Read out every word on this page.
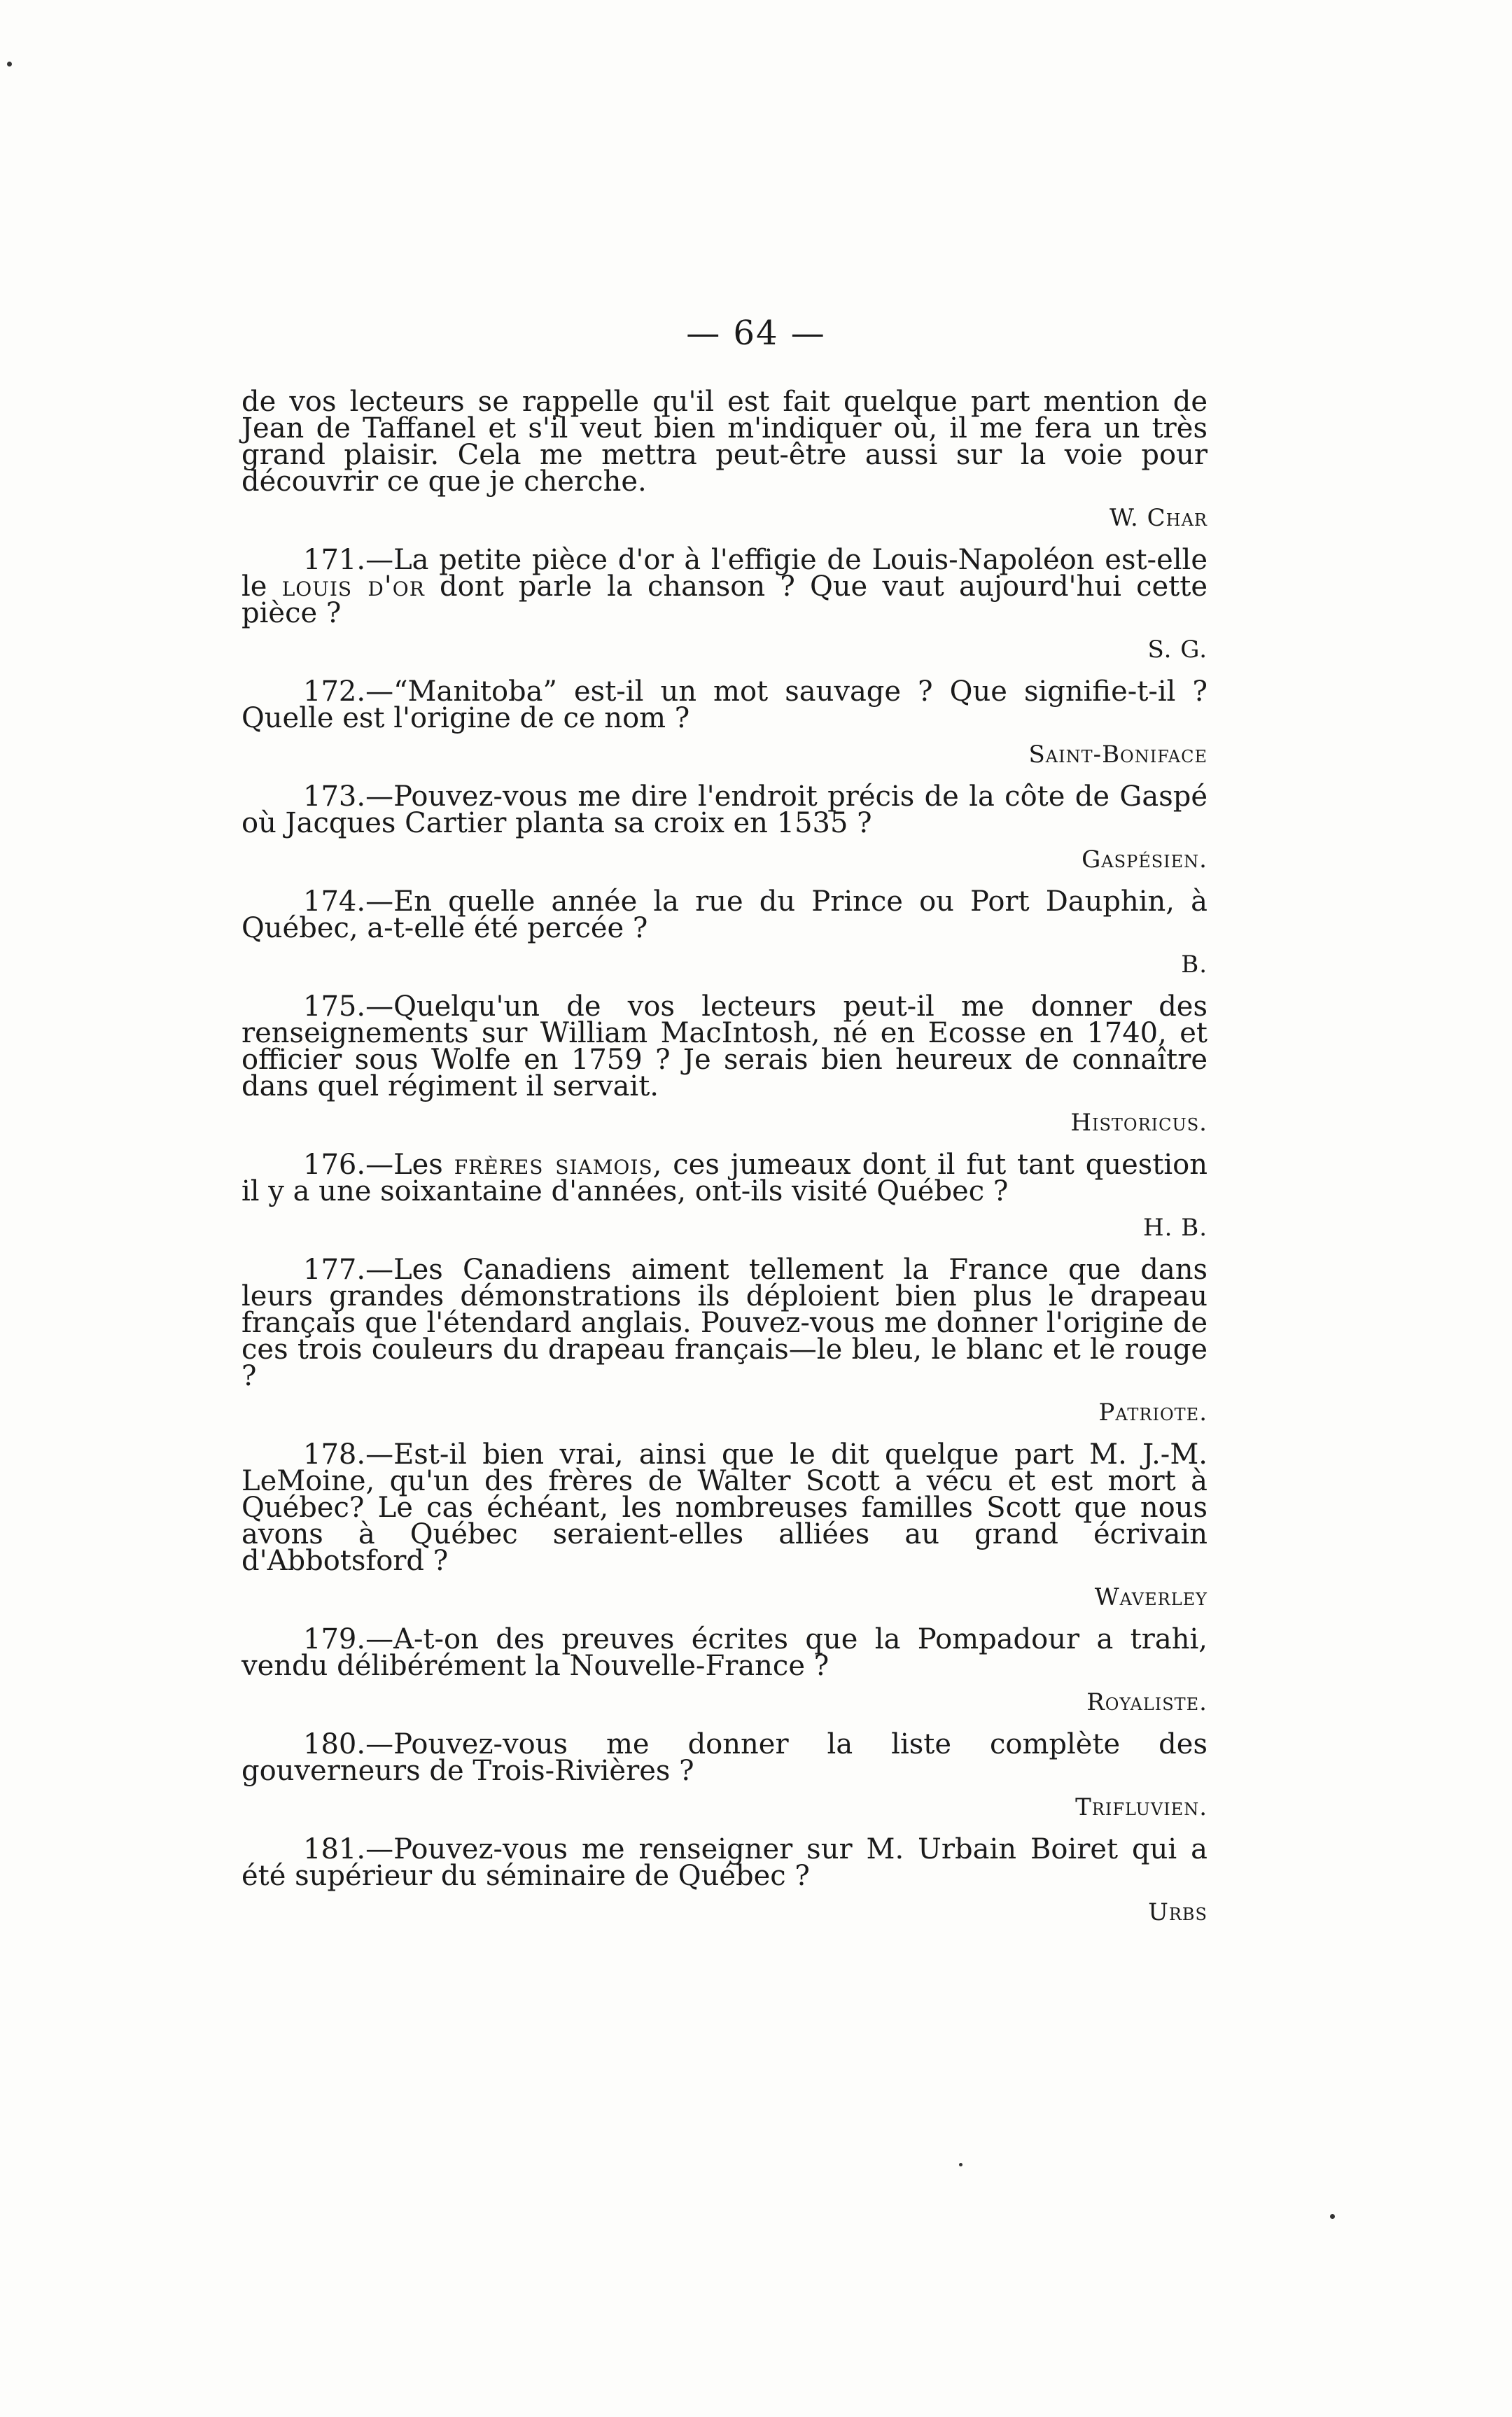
— 64 —

de vos lecteurs se rappelle qu'il est fait quelque part mention de Jean de Taffanel et s'il veut bien m'indiquer où, il me fera un très grand plaisir. Cela me mettra peut-être aussi sur la voie pour découvrir ce que je cherche.

W. Char

171.—La petite pièce d'or à l'effigie de Louis-Napoléon est-elle le louis d'or dont parle la chanson ? Que vaut aujourd'hui cette pièce ?

S. G.

172.—“Manitoba” est-il un mot sauvage ? Que signifie-t-il ? Quelle est l'origine de ce nom ?

Saint-Boniface

173.—Pouvez-vous me dire l'endroit précis de la côte de Gaspé où Jacques Cartier planta sa croix en 1535 ?

Gaspésien.

174.—En quelle année la rue du Prince ou Port Dauphin, à Québec, a-t-elle été percée ?

B.

175.—Quelqu'un de vos lecteurs peut-il me donner des renseignements sur William MacIntosh, né en Ecosse en 1740, et officier sous Wolfe en 1759 ? Je serais bien heureux de connaître dans quel régiment il servait.

Historicus.

176.—Les frères siamois, ces jumeaux dont il fut tant question il y a une soixantaine d'années, ont-ils visité Québec ?

H. B.

177.—Les Canadiens aiment tellement la France que dans leurs grandes démonstrations ils déploient bien plus le drapeau français que l'étendard anglais. Pouvez-vous me donner l'origine de ces trois couleurs du drapeau français—le bleu, le blanc et le rouge ?

Patriote.

178.—Est-il bien vrai, ainsi que le dit quelque part M. J.-M. LeMoine, qu'un des frères de Walter Scott a vécu et est mort à Québec? Le cas échéant, les nombreuses familles Scott que nous avons à Québec seraient-elles alliées au grand écrivain d'Abbotsford ?

Waverley

179.—A-t-on des preuves écrites que la Pompadour a trahi, vendu délibérément la Nouvelle-France ?

Royaliste.

180.—Pouvez-vous me donner la liste complète des gouverneurs de Trois-Rivières ?

Trifluvien.

181.—Pouvez-vous me renseigner sur M. Urbain Boiret qui a été supérieur du séminaire de Québec ?

Urbs
